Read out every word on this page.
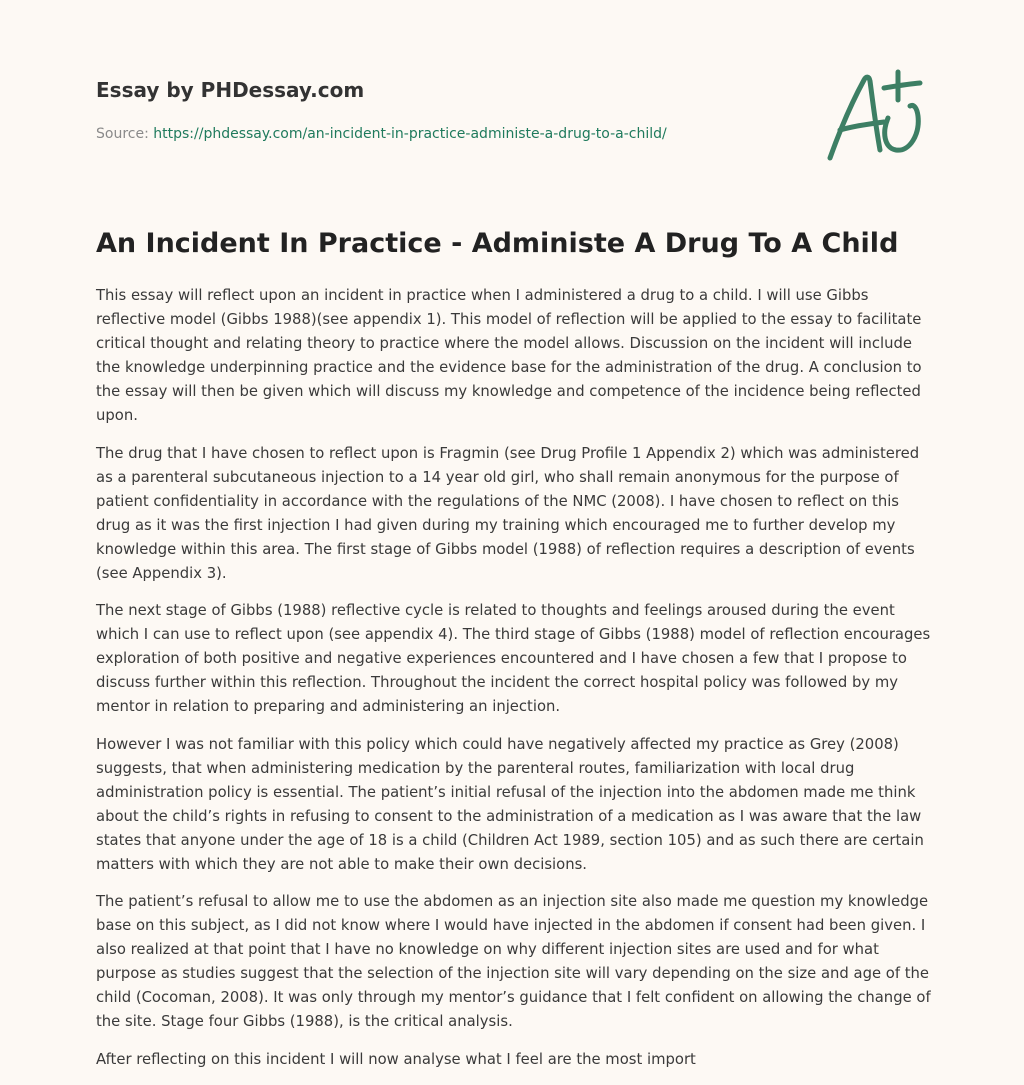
Essay by PHDessay.com
Source: https://phdessay.com/an-incident-in-practice-administe-a-drug-to-a-child/
An Incident In Practice - Administe A Drug To A Child

This essay will reflect upon an incident in practice when I administered a drug to a child. I will use Gibbs reflective model (Gibbs 1988)(see appendix 1). This model of reflection will be applied to the essay to facilitate critical thought and relating theory to practice where the model allows. Discussion on the incident will include the knowledge underpinning practice and the evidence base for the administration of the drug. A conclusion to the essay will then be given which will discuss my knowledge and competence of the incidence being reflected upon.

The drug that I have chosen to reflect upon is Fragmin (see Drug Profile 1 Appendix 2) which was administered as a parenteral subcutaneous injection to a 14 year old girl, who shall remain anonymous for the purpose of patient confidentiality in accordance with the regulations of the NMC (2008). I have chosen to reflect on this drug as it was the first injection I had given during my training which encouraged me to further develop my knowledge within this area. The first stage of Gibbs model (1988) of reflection requires a description of events (see Appendix 3).

The next stage of Gibbs (1988) reflective cycle is related to thoughts and feelings aroused during the event which I can use to reflect upon (see appendix 4). The third stage of Gibbs (1988) model of reflection encourages exploration of both positive and negative experiences encountered and I have chosen a few that I propose to discuss further within this reflection. Throughout the incident the correct hospital policy was followed by my mentor in relation to preparing and administering an injection.

However I was not familiar with this policy which could have negatively affected my practice as Grey (2008) suggests, that when administering medication by the parenteral routes, familiarization with local drug administration policy is essential. The patient’s initial refusal of the injection into the abdomen made me think about the child’s rights in refusing to consent to the administration of a medication as I was aware that the law states that anyone under the age of 18 is a child (Children Act 1989, section 105) and as such there are certain matters with which they are not able to make their own decisions.

The patient’s refusal to allow me to use the abdomen as an injection site also made me question my knowledge base on this subject, as I did not know where I would have injected in the abdomen if consent had been given. I also realized at that point that I have no knowledge on why different injection sites are used and for what purpose as studies suggest that the selection of the injection site will vary depending on the size and age of the child (Cocoman, 2008). It was only through my mentor’s guidance that I felt confident on allowing the change of the site. Stage four Gibbs (1988), is the critical analysis.

After reflecting on this incident I will now analyse what I feel are the most import
